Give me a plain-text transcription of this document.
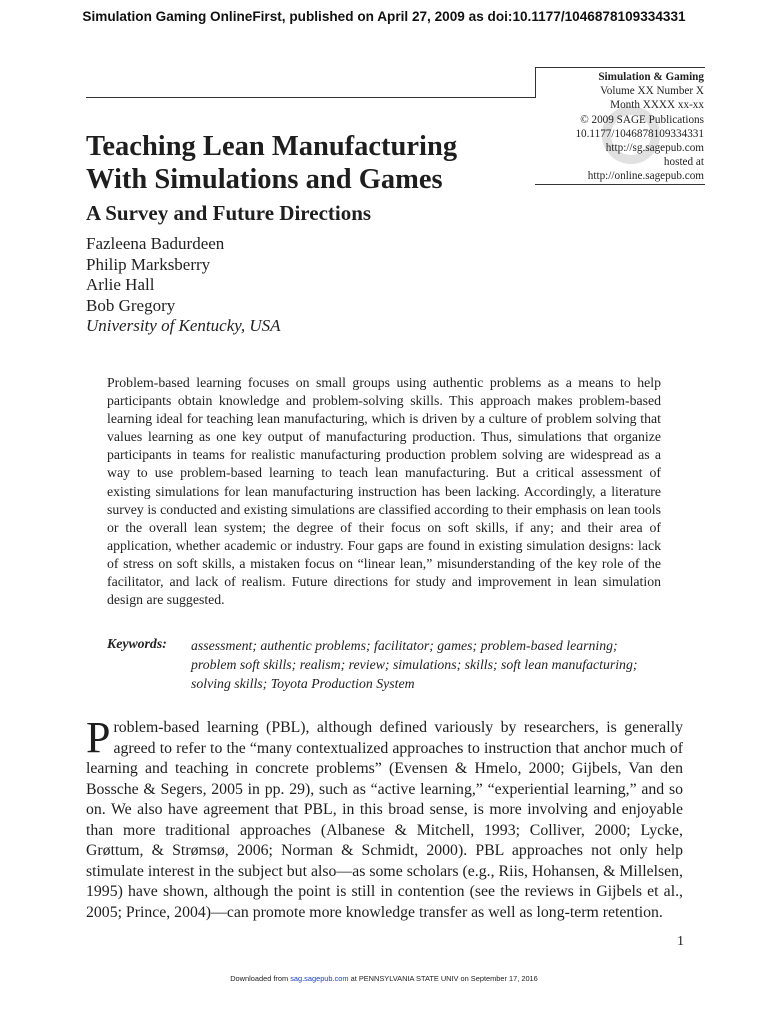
Simulation Gaming OnlineFirst, published on April 27, 2009 as doi:10.1177/1046878109334331
Simulation & Gaming
Volume XX Number X
Month XXXX xx-xx
© 2009 SAGE Publications
10.1177/1046878109334331
http://sg.sagepub.com
hosted at
http://online.sagepub.com
Teaching Lean Manufacturing
With Simulations and Games
A Survey and Future Directions
Fazleena Badurdeen
Philip Marksberry
Arlie Hall
Bob Gregory
University of Kentucky, USA

Problem-based learning focuses on small groups using authentic problems as a means to help participants obtain knowledge and problem-solving skills. This approach makes problem-based learning ideal for teaching lean manufacturing, which is driven by a culture of problem solving that values learning as one key output of manufacturing production. Thus, simulations that organize participants in teams for realistic manufacturing production problem solving are widespread as a way to use problem-based learning to teach lean manufacturing. But a critical assessment of existing simulations for lean manufacturing instruction has been lacking. Accordingly, a literature survey is conducted and existing simulations are classified according to their emphasis on lean tools or the overall lean system; the degree of their focus on soft skills, if any; and their area of application, whether academic or industry. Four gaps are found in existing simulation designs: lack of stress on soft skills, a mistaken focus on “linear lean,” misunderstanding of the key role of the facilitator, and lack of realism. Future directions for study and improvement in lean simulation design are suggested.

Keywords: assessment; authentic problems; facilitator; games; problem-based learning; problem soft skills; realism; review; simulations; skills; soft lean manufacturing; solving skills; Toyota Production System

Problem-based learning (PBL), although defined variously by researchers, is generally agreed to refer to the “many contextualized approaches to instruction that anchor much of learning and teaching in concrete problems” (Evensen & Hmelo, 2000; Gijbels, Van den Bossche & Segers, 2005 in pp. 29), such as “active learning,” “experiential learning,” and so on. We also have agreement that PBL, in this broad sense, is more involving and enjoyable than more traditional approaches (Albanese & Mitchell, 1993; Colliver, 2000; Lycke, Grøttum, & Strømsø, 2006; Norman & Schmidt, 2000). PBL approaches not only help stimulate interest in the subject but also—as some scholars (e.g., Riis, Hohansen, & Millelsen, 1995) have shown, although the point is still in contention (see the reviews in Gijbels et al., 2005; Prince, 2004)—can promote more knowledge transfer as well as long-term retention.

1
Downloaded from sag.sagepub.com at PENNSYLVANIA STATE UNIV on September 17, 2016
